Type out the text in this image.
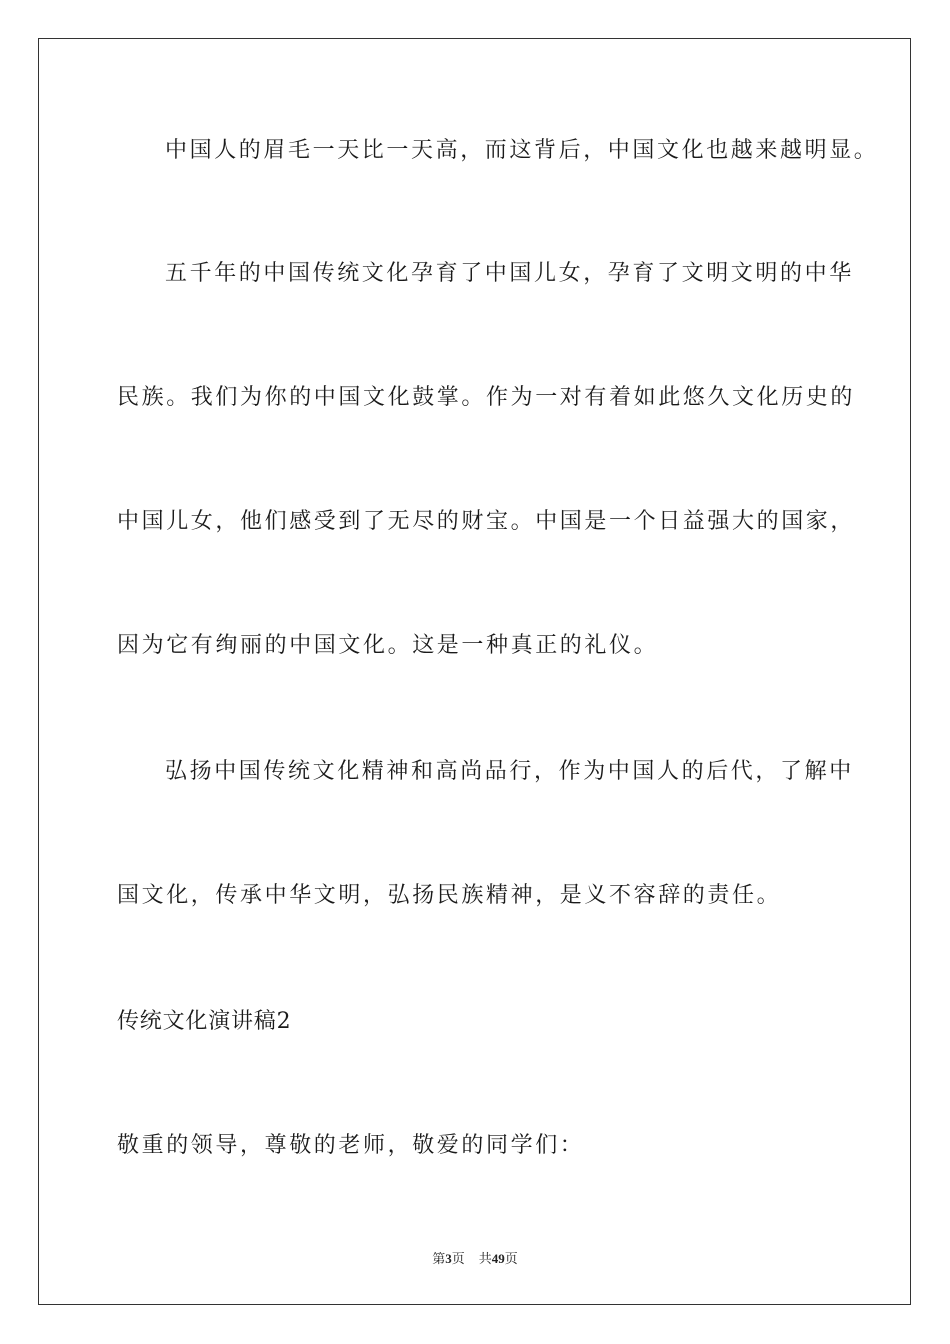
中国人的眉毛一天比一天高，而这背后，中国文化也越来越明显。
五千年的中国传统文化孕育了中国儿女，孕育了文明文明的中华
民族。我们为你的中国文化鼓掌。作为一对有着如此悠久文化历史的
中国儿女，他们感受到了无尽的财宝。中国是一个日益强大的国家，
因为它有绚丽的中国文化。这是一种真正的礼仪。
弘扬中国传统文化精神和高尚品行，作为中国人的后代，了解中
国文化，传承中华文明，弘扬民族精神，是义不容辞的责任。
传统文化演讲稿2
敬重的领导，尊敬的老师，敬爱的同学们：
第3页 共49页
